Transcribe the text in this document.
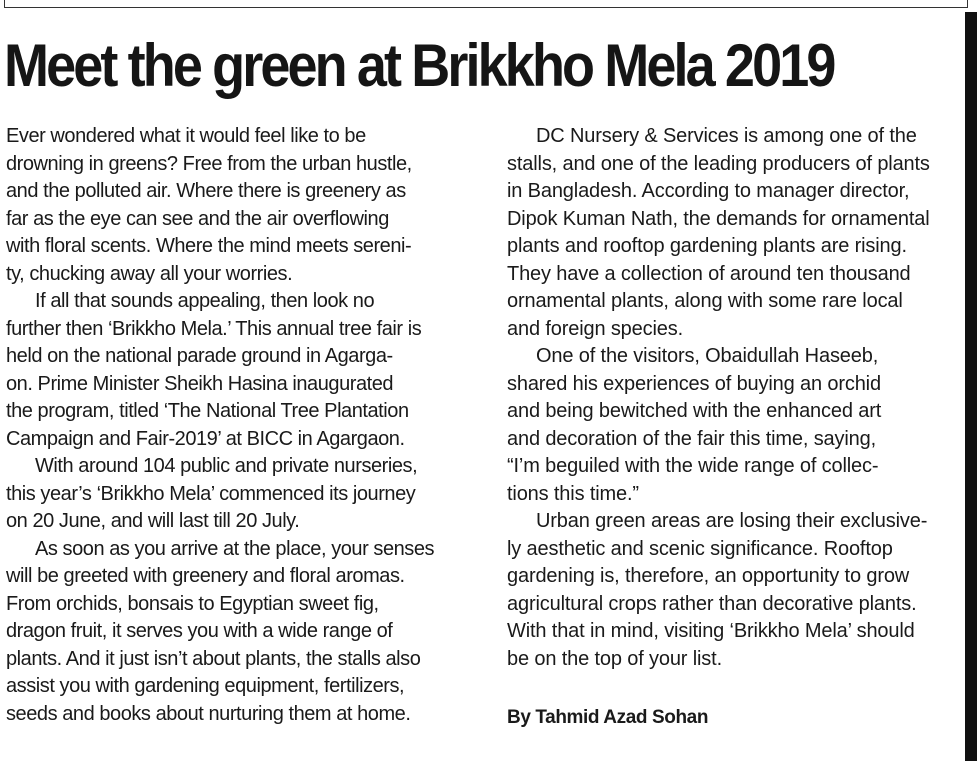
Meet the green at Brikkho Mela 2019

Ever wondered what it would feel like to be
drowning in greens? Free from the urban hustle,
and the polluted air. Where there is greenery as
far as the eye can see and the air overflowing
with floral scents. Where the mind meets sereni-
ty, chucking away all your worries.

If all that sounds appealing, then look no
further then ‘Brikkho Mela.’ This annual tree fair is
held on the national parade ground in Agarga-
on. Prime Minister Sheikh Hasina inaugurated
the program, titled ‘The National Tree Plantation
Campaign and Fair-2019’ at BICC in Agargaon.

With around 104 public and private nurseries,
this year’s ‘Brikkho Mela’ commenced its journey
on 20 June, and will last till 20 July.

As soon as you arrive at the place, your senses
will be greeted with greenery and floral aromas.
From orchids, bonsais to Egyptian sweet fig,
dragon fruit, it serves you with a wide range of
plants. And it just isn’t about plants, the stalls also
assist you with gardening equipment, fertilizers,
seeds and books about nurturing them at home.

DC Nursery & Services is among one of the
stalls, and one of the leading producers of plants
in Bangladesh. According to manager director,
Dipok Kuman Nath, the demands for ornamental
plants and rooftop gardening plants are rising.
They have a collection of around ten thousand
ornamental plants, along with some rare local
and foreign species.

One of the visitors, Obaidullah Haseeb,
shared his experiences of buying an orchid
and being bewitched with the enhanced art
and decoration of the fair this time, saying,
“I’m beguiled with the wide range of collec-
tions this time.”

Urban green areas are losing their exclusive-
ly aesthetic and scenic significance. Rooftop
gardening is, therefore, an opportunity to grow
agricultural crops rather than decorative plants.
With that in mind, visiting ‘Brikkho Mela’ should
be on the top of your list.

By Tahmid Azad Sohan
